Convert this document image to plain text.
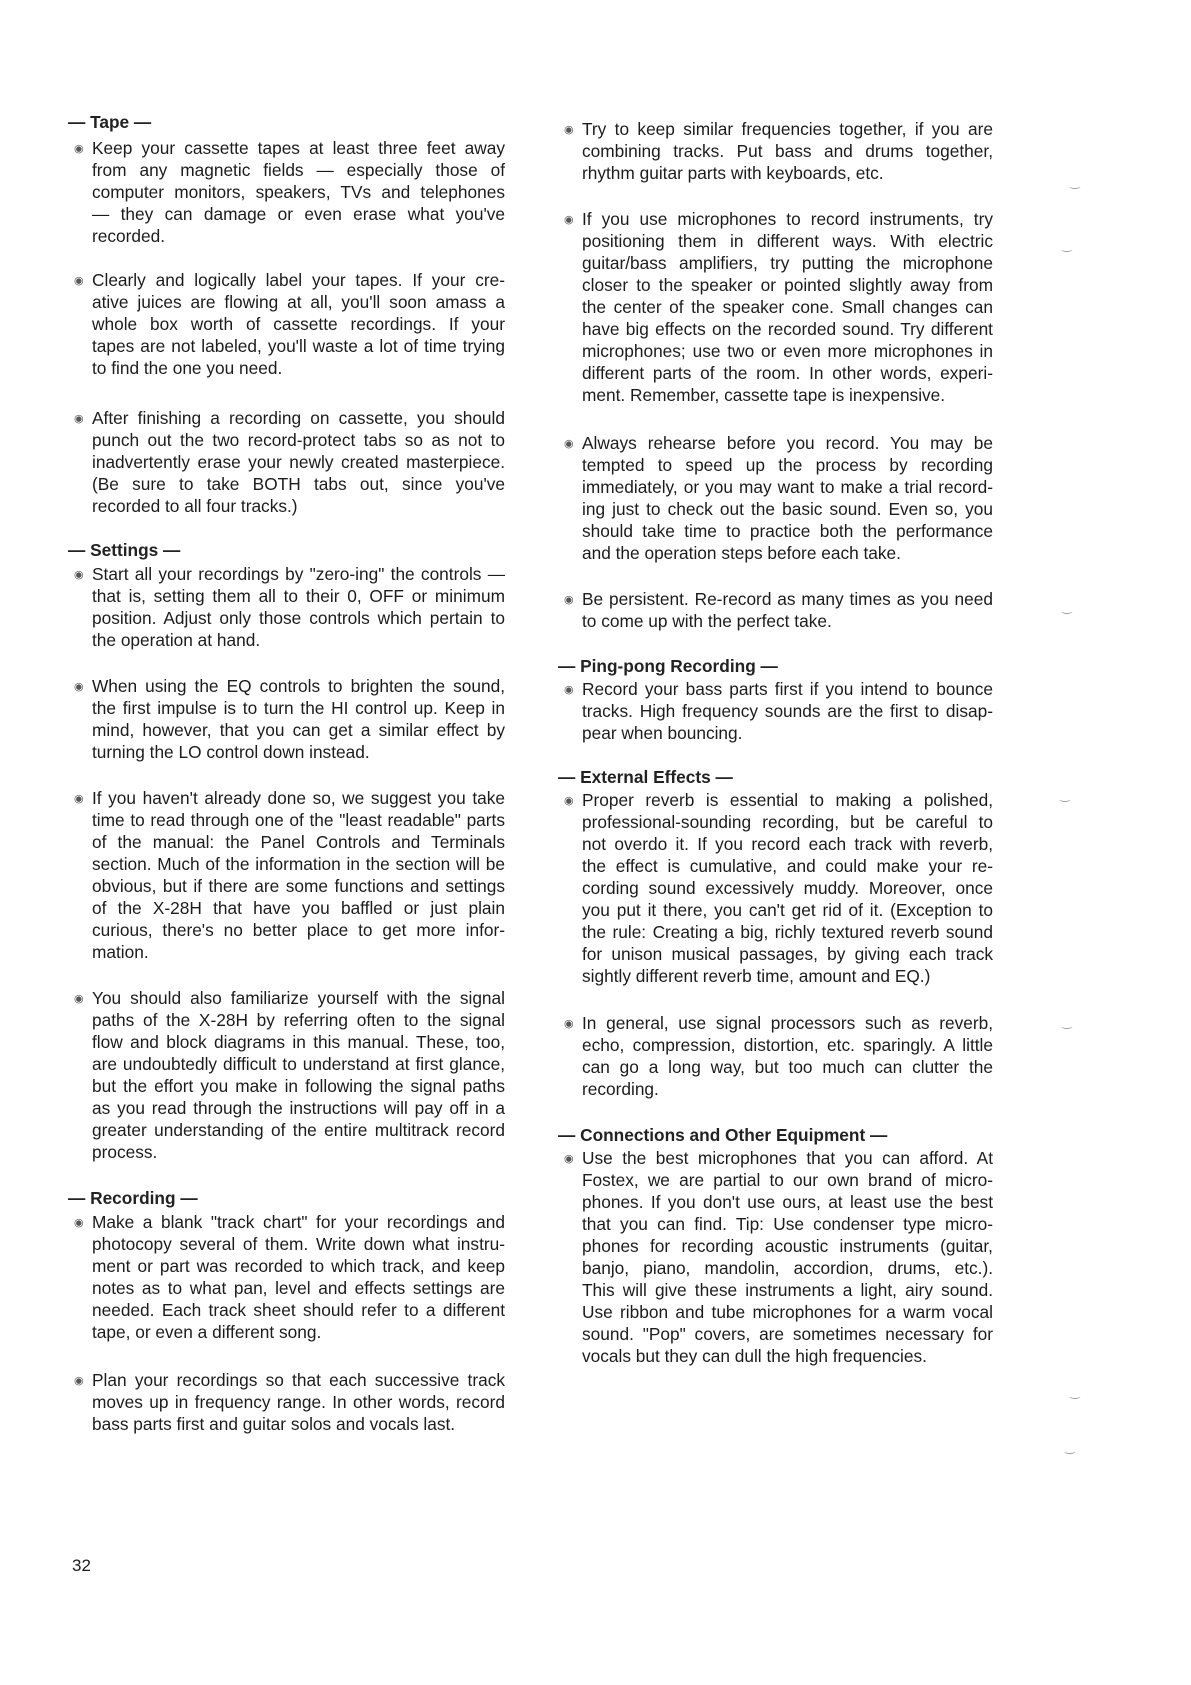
32
— Tape —
◉ Keep your cassette tapes at least three feet away
from any magnetic fields — especially those of
computer monitors, speakers, TVs and telephones
— they can damage or even erase what you've
recorded.
◉ Clearly and logically label your tapes. If your cre-
ative juices are flowing at all, you'll soon amass a
whole box worth of cassette recordings. If your
tapes are not labeled, you'll waste a lot of time trying
to find the one you need.
◉ After finishing a recording on cassette, you should
punch out the two record-protect tabs so as not to
inadvertently erase your newly created masterpiece.
(Be sure to take BOTH tabs out, since you've
recorded to all four tracks.)
— Settings —
◉ Start all your recordings by "zero-ing" the controls —
that is, setting them all to their 0, OFF or minimum
position. Adjust only those controls which pertain to
the operation at hand.
◉ When using the EQ controls to brighten the sound,
the first impulse is to turn the HI control up. Keep in
mind, however, that you can get a similar effect by
turning the LO control down instead.
◉ If you haven't already done so, we suggest you take
time to read through one of the "least readable" parts
of the manual: the Panel Controls and Terminals
section. Much of the information in the section will be
obvious, but if there are some functions and settings
of the X-28H that have you baffled or just plain
curious, there's no better place to get more infor-
mation.
◉ You should also familiarize yourself with the signal
paths of the X-28H by referring often to the signal
flow and block diagrams in this manual. These, too,
are undoubtedly difficult to understand at first glance,
but the effort you make in following the signal paths
as you read through the instructions will pay off in a
greater understanding of the entire multitrack record
process.
— Recording —
◉ Make a blank "track chart" for your recordings and
photocopy several of them. Write down what instru-
ment or part was recorded to which track, and keep
notes as to what pan, level and effects settings are
needed. Each track sheet should refer to a different
tape, or even a different song.
◉ Plan your recordings so that each successive track
moves up in frequency range. In other words, record
bass parts first and guitar solos and vocals last.
◉ Try to keep similar frequencies together, if you are
combining tracks. Put bass and drums together,
rhythm guitar parts with keyboards, etc.
◉ If you use microphones to record instruments, try
positioning them in different ways. With electric
guitar/bass amplifiers, try putting the microphone
closer to the speaker or pointed slightly away from
the center of the speaker cone. Small changes can
have big effects on the recorded sound. Try different
microphones; use two or even more microphones in
different parts of the room. In other words, experi-
ment. Remember, cassette tape is inexpensive.
◉ Always rehearse before you record. You may be
tempted to speed up the process by recording
immediately, or you may want to make a trial record-
ing just to check out the basic sound. Even so, you
should take time to practice both the performance
and the operation steps before each take.
◉ Be persistent. Re-record as many times as you need
to come up with the perfect take.
— Ping-pong Recording —
◉ Record your bass parts first if you intend to bounce
tracks. High frequency sounds are the first to disap-
pear when bouncing.
— External Effects —
◉ Proper reverb is essential to making a polished,
professional-sounding recording, but be careful to
not overdo it. If you record each track with reverb,
the effect is cumulative, and could make your re-
cording sound excessively muddy. Moreover, once
you put it there, you can't get rid of it. (Exception to
the rule: Creating a big, richly textured reverb sound
for unison musical passages, by giving each track
sightly different reverb time, amount and EQ.)
◉ In general, use signal processors such as reverb,
echo, compression, distortion, etc. sparingly. A little
can go a long way, but too much can clutter the
recording.
— Connections and Other Equipment —
◉ Use the best microphones that you can afford. At
Fostex, we are partial to our own brand of micro-
phones. If you don't use ours, at least use the best
that you can find. Tip: Use condenser type micro-
phones for recording acoustic instruments (guitar,
banjo, piano, mandolin, accordion, drums, etc.).
This will give these instruments a light, airy sound.
Use ribbon and tube microphones for a warm vocal
sound. "Pop" covers, are sometimes necessary for
vocals but they can dull the high frequencies.
‿
‿
‿
‿
‿
‿
‿
